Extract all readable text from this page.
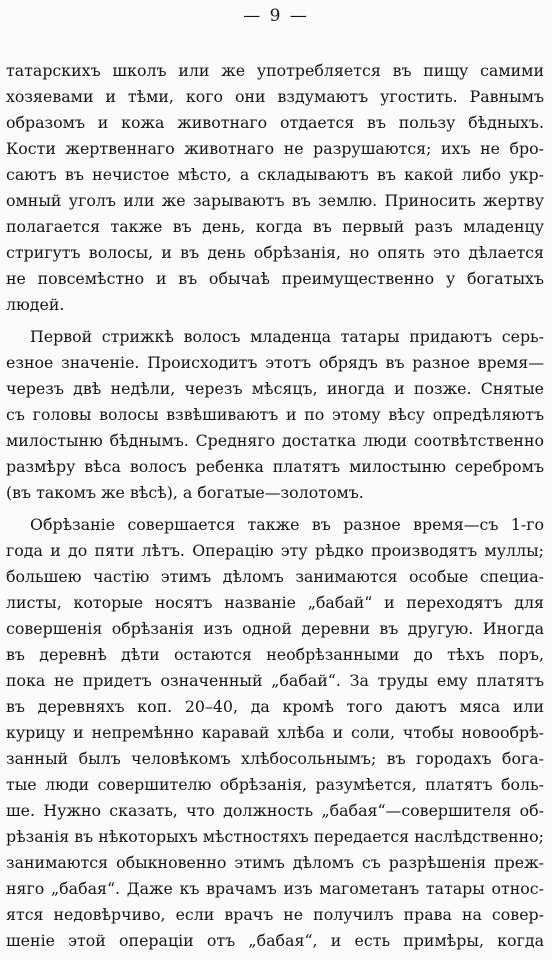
— 9 —
татарскихъ школъ или же употребляется въ пищу самими
хозяевами и тѣми, кого они вздумаютъ угостить. Равнымъ
образомъ и кожа животнаго отдается въ пользу бѣдныхъ.
Кости жертвеннаго животнаго не разрушаются; ихъ не бро-
саютъ въ нечистое мѣсто, а складываютъ въ какой либо укр-
омный уголъ или же зарываютъ въ землю. Приносить жертву
полагается также въ день, когда въ первый разъ младенцу
стригутъ волосы, и въ день обрѣзанія, но опять это дѣлается
не повсемѣстно и въ обычаѣ преимущественно у богатыхъ
людей.
Первой стрижкѣ волосъ младенца татары придаютъ серь-
езное значеніе. Происходитъ этотъ обрядъ въ разное время—
черезъ двѣ недѣли, черезъ мѣсяцъ, иногда и позже. Снятые
съ головы волосы взвѣшиваютъ и по этому вѣсу опредѣляютъ
милостыню бѣднымъ. Средняго достатка люди соотвѣтственно
размѣру вѣса волосъ ребенка платятъ милостыню серебромъ
(въ такомъ же вѣсѣ), а богатые—золотомъ.
Обрѣзаніе совершается также въ разное время—съ 1-го
года и до пяти лѣтъ. Операцію эту рѣдко производятъ муллы;
большею частію этимъ дѣломъ занимаются особые специа-
листы, которые носятъ названіе „бабай“ и переходятъ для
совершенія обрѣзанія изъ одной деревни въ другую. Иногда
въ деревнѣ дѣти остаются необрѣзанными до тѣхъ поръ,
пока не придетъ означенный „бабай“. За труды ему платятъ
въ деревняхъ коп. 20–40, да кромѣ того даютъ мяса или
курицу и непремѣнно каравай хлѣба и соли, чтобы новообрѣ-
занный былъ человѣкомъ хлѣбосольнымъ; въ городахъ бога-
тые люди совершителю обрѣзанія, разумѣется, платятъ боль-
ше. Нужно сказать, что должность „бабая“—совершителя об-
рѣзанія въ нѣкоторыхъ мѣстностяхъ передается наслѣдственно;
занимаются обыкновенно этимъ дѣломъ съ разрѣшенія преж-
няго „бабая“. Даже къ врачамъ изъ магометанъ татары относ-
ятся недовѣрчиво, если врачъ не получилъ права на совер-
шеніе этой операціи отъ „бабая“, и есть примѣры, когда
